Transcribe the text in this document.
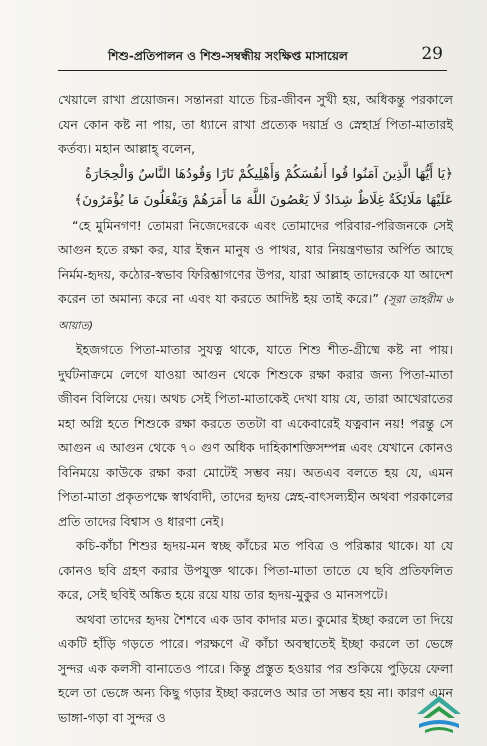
শিশু-প্রতিপালন ও শিশু-সম্বন্ধীয় সংক্ষিপ্ত মাসায়েল	29

খেয়ালে রাখা প্রয়োজন। সন্তানরা যাতে চির-জীবন সুখী হয়, অধিকন্তু পরকালে যেন কোন কষ্ট না পায়, তা ধ্যানে রাখা প্রত্যেক দয়ার্দ্র ও স্নেহার্দ্র পিতা-মাতারই কর্তব্য। মহান আল্লাহ্ বলেন,

﴿يَا أَيُّهَا الَّذِينَ آمَنُوا قُوا أَنفُسَكُمْ وَأَهْلِيكُمْ نَارًا وَقُودُهَا النَّاسُ وَالْحِجَارَةُ عَلَيْهَا مَلَائِكَةٌ غِلَاظٌ شِدَادٌ لَا يَعْصُونَ اللَّهَ مَا أَمَرَهُمْ وَيَفْعَلُونَ مَا يُؤْمَرُونَ﴾

“হে মুমিনগণ! তোমরা নিজেদেরকে এবং তোমাদের পরিবার-পরিজনকে সেই আগুন হতে রক্ষা কর, যার ইন্ধন মানুষ ও পাথর, যার নিয়ন্ত্রণভার অর্পিত আছে নির্মম-হৃদয়, কঠোর-স্বভাব ফিরিশ্তাগণের উপর, যারা আল্লাহ তাদেরকে যা আদেশ করেন তা অমান্য করে না এবং যা করতে আদিষ্ট হয় তাই করে।” (সূরা তাহরীম ৬ আয়াত)

ইহজগতে পিতা-মাতার সুযত্ন থাকে, যাতে শিশু শীত-গ্রীষ্মে কষ্ট না পায়। দুর্ঘটনাক্রমে লেগে যাওয়া আগুন থেকে শিশুকে রক্ষা করার জন্য পিতা-মাতা জীবন বিলিয়ে দেয়। অথচ সেই পিতা-মাতাকেই দেখা যায় যে, তারা আখেরাতের মহা অগ্নি হতে শিশুকে রক্ষা করতে ততটা বা একেবারেই যত্নবান নয়! পরন্তু সে আগুন এ আগুন থেকে ৭০ গুণ অধিক দাহিকাশক্তিসম্পন্ন এবং যেখানে কোনও বিনিময়ে কাউকে রক্ষা করা মোটেই সম্ভব নয়। অতএব বলতে হয় যে, এমন পিতা-মাতা প্রকৃতপক্ষে স্বার্থবাদী, তাদের হৃদয় স্নেহ-বাৎসল্যহীন অথবা পরকালের প্রতি তাদের বিশ্বাস ও ধারণা নেই।

কচি-কাঁচা শিশুর হৃদয়-মন স্বচ্ছ কাঁচের মত পবিত্র ও পরিষ্কার থাকে। যা যে কোনও ছবি গ্রহণ করার উপযুক্ত থাকে। পিতা-মাতা তাতে যে ছবি প্রতিফলিত করে, সেই ছবিই অঙ্কিত হয়ে রয়ে যায় তার হৃদয়-মুকুর ও মানসপটে।

অথবা তাদের হৃদয় শৈশবে এক ডাব কাদার মত। কুমোর ইচ্ছা করলে তা দিয়ে একটি হাঁড়ি গড়তে পারে। পরক্ষণে ঐ কাঁচা অবস্থাতেই ইচ্ছা করলে তা ভেঙ্গে সুন্দর এক কলসী বানাতেও পারে। কিন্তু প্রস্তুত হওয়ার পর শুকিয়ে পুড়িয়ে ফেলা হলে তা ভেঙ্গে অন্য কিছু গড়ার ইচ্ছা করলেও আর তা সম্ভব হয় না। কারণ এমন ভাঙ্গা-গড়া বা সুন্দর ও
